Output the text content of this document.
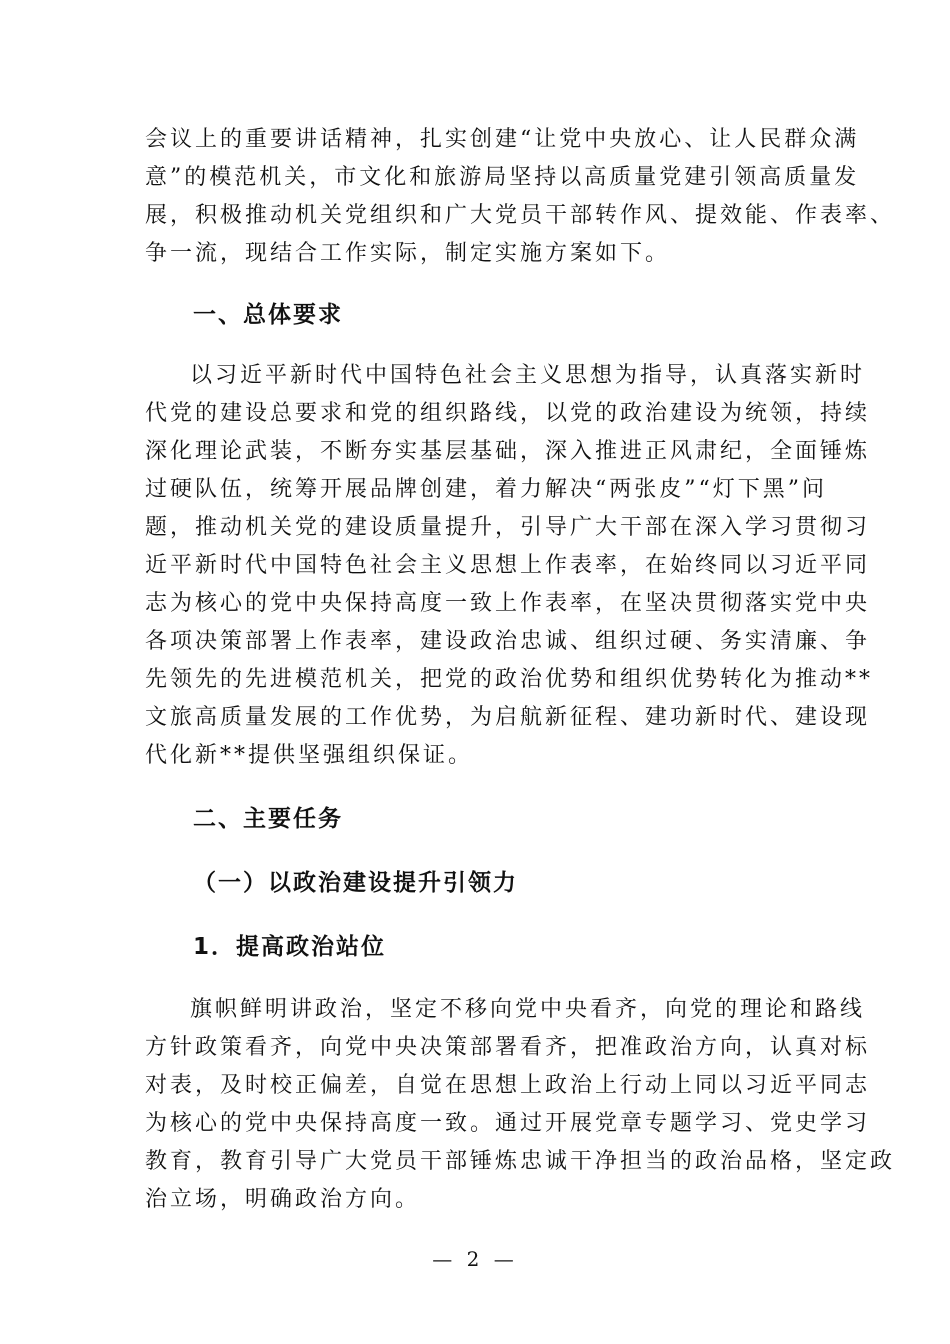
会议上的重要讲话精神，扎实创建“让党中央放心、让人民群众满
意”的模范机关，市文化和旅游局坚持以高质量党建引领高质量发
展，积极推动机关党组织和广大党员干部转作风、提效能、作表率、
争一流，现结合工作实际，制定实施方案如下。
一、总体要求
以习近平新时代中国特色社会主义思想为指导，认真落实新时
代党的建设总要求和党的组织路线，以党的政治建设为统领，持续
深化理论武装，不断夯实基层基础，深入推进正风肃纪，全面锤炼
过硬队伍，统筹开展品牌创建，着力解决“两张皮”“灯下黑”问
题，推动机关党的建设质量提升，引导广大干部在深入学习贯彻习
近平新时代中国特色社会主义思想上作表率，在始终同以习近平同
志为核心的党中央保持高度一致上作表率，在坚决贯彻落实党中央
各项决策部署上作表率，建设政治忠诚、组织过硬、务实清廉、争
先领先的先进模范机关，把党的政治优势和组织优势转化为推动**
文旅高质量发展的工作优势，为启航新征程、建功新时代、建设现
代化新**提供坚强组织保证。
二、主要任务
（一）以政治建设提升引领力
1．提高政治站位
旗帜鲜明讲政治，坚定不移向党中央看齐，向党的理论和路线
方针政策看齐，向党中央决策部署看齐，把准政治方向，认真对标
对表，及时校正偏差，自觉在思想上政治上行动上同以习近平同志
为核心的党中央保持高度一致。通过开展党章专题学习、党史学习
教育，教育引导广大党员干部锤炼忠诚干净担当的政治品格，坚定政
治立场，明确政治方向。
— 2 —
